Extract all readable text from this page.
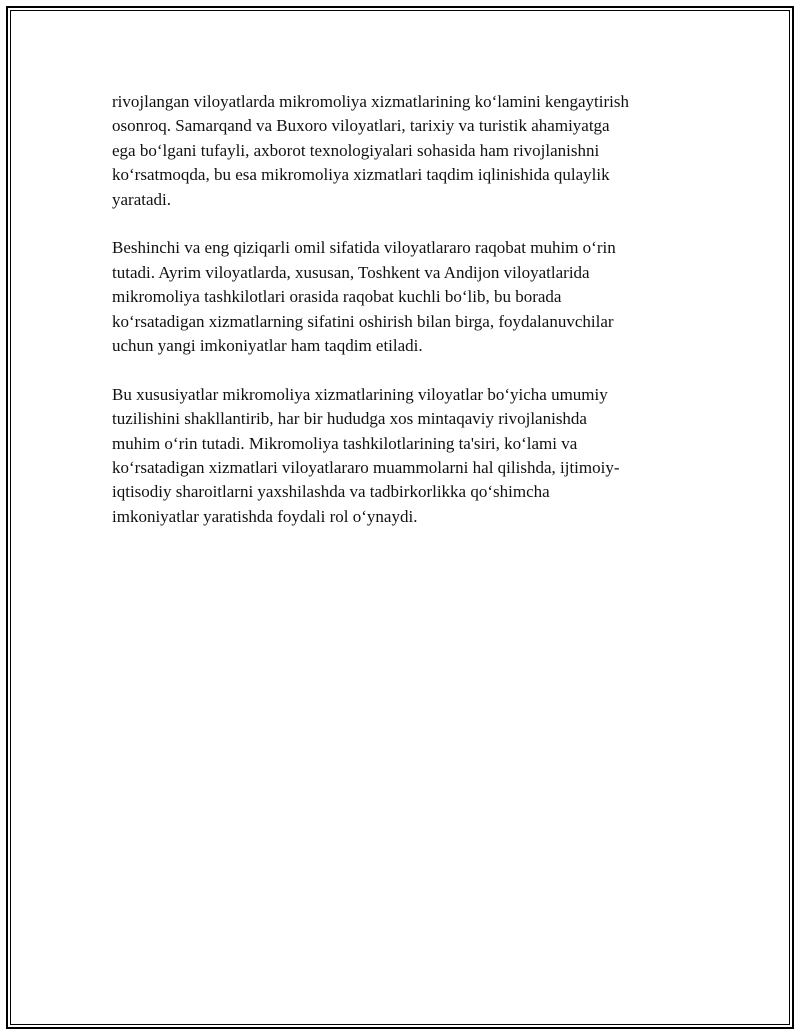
rivojlangan viloyatlarda mikromoliya xizmatlarining ko‘lamini kengaytirish
osonroq. Samarqand va Buxoro viloyatlari, tarixiy va turistik ahamiyatga
ega bo‘lgani tufayli, axborot texnologiyalari sohasida ham rivojlanishni
ko‘rsatmoqda, bu esa mikromoliya xizmatlari taqdim iqlinishida qulaylik
yaratadi.

Beshinchi va eng qiziqarli omil sifatida viloyatlararo raqobat muhim o‘rin
tutadi. Ayrim viloyatlarda, xususan, Toshkent va Andijon viloyatlarida
mikromoliya tashkilotlari orasida raqobat kuchli bo‘lib, bu borada
ko‘rsatadigan xizmatlarning sifatini oshirish bilan birga, foydalanuvchilar
uchun yangi imkoniyatlar ham taqdim etiladi.

Bu xususiyatlar mikromoliya xizmatlarining viloyatlar bo‘yicha umumiy
tuzilishini shakllantirib, har bir hududga xos mintaqaviy rivojlanishda
muhim o‘rin tutadi. Mikromoliya tashkilotlarining ta'siri, ko‘lami va
ko‘rsatadigan xizmatlari viloyatlararo muammolarni hal qilishda, ijtimoiy-
iqtisodiy sharoitlarni yaxshilashda va tadbirkorlikka qo‘shimcha
imkoniyatlar yaratishda foydali rol o‘ynaydi.
